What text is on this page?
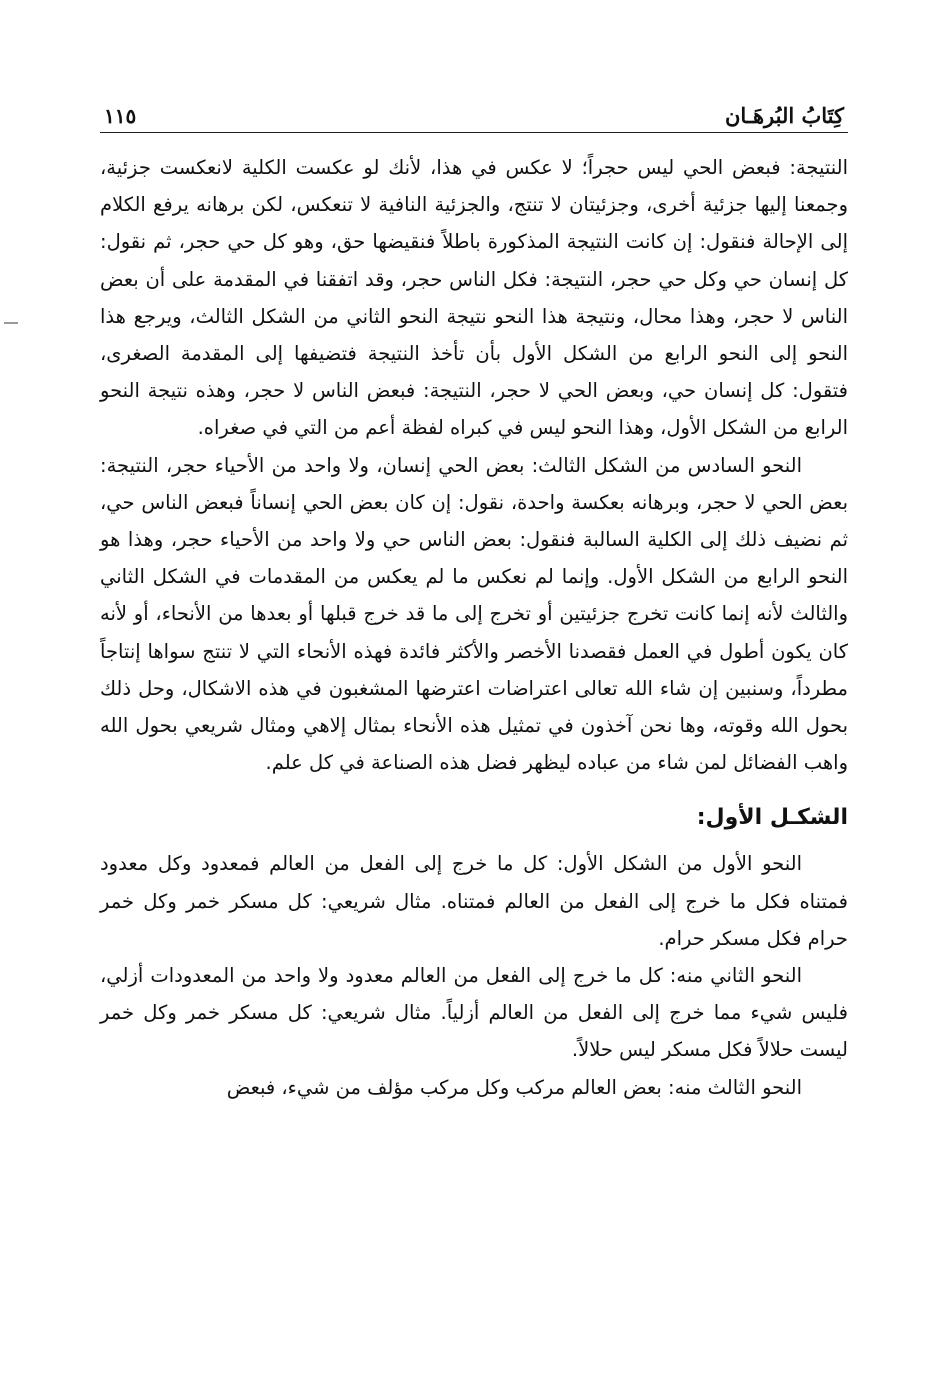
كِتَابُ البُرهَـان
١١٥

النتيجة: فبعض الحي ليس حجراً؛ لا عكس في هذا، لأنك لو عكست الكلية لانعكست جزئية، وجمعنا إليها جزئية أخرى، وجزئيتان لا تنتج، والجزئية النافية لا تنعكس، لكن برهانه يرفع الكلام إلى الإحالة فنقول: إن كانت النتيجة المذكورة باطلاً فنقيضها حق، وهو كل حي حجر، ثم نقول: كل إنسان حي وكل حي حجر، النتيجة: فكل الناس حجر، وقد اتفقنا في المقدمة على أن بعض الناس لا حجر، وهذا محال، ونتيجة هذا النحو نتيجة النحو الثاني من الشكل الثالث، ويرجع هذا النحو إلى النحو الرابع من الشكل الأول بأن تأخذ النتيجة فتضيفها إلى المقدمة الصغرى، فتقول: كل إنسان حي، وبعض الحي لا حجر، النتيجة: فبعض الناس لا حجر، وهذه نتيجة النحو الرابع من الشكل الأول، وهذا النحو ليس في كبراه لفظة أعم من التي في صغراه.

النحو السادس من الشكل الثالث: بعض الحي إنسان، ولا واحد من الأحياء حجر، النتيجة: بعض الحي لا حجر، وبرهانه بعكسة واحدة، نقول: إن كان بعض الحي إنساناً فبعض الناس حي، ثم نضيف ذلك إلى الكلية السالبة فنقول: بعض الناس حي ولا واحد من الأحياء حجر، وهذا هو النحو الرابع من الشكل الأول. وإنما لم نعكس ما لم يعكس من المقدمات في الشكل الثاني والثالث لأنه إنما كانت تخرج جزئيتين أو تخرج إلى ما قد خرج قبلها أو بعدها من الأنحاء، أو لأنه كان يكون أطول في العمل فقصدنا الأخصر والأكثر فائدة فهذه الأنحاء التي لا تنتج سواها إنتاجاً مطرداً، وسنبين إن شاء الله تعالى اعتراضات اعترضها المشغبون في هذه الاشكال، وحل ذلك بحول الله وقوته، وها نحن آخذون في تمثيل هذه الأنحاء بمثال إلاهي ومثال شريعي بحول الله واهب الفضائل لمن شاء من عباده ليظهر فضل هذه الصناعة في كل علم.

الشكـل الأول:

النحو الأول من الشكل الأول: كل ما خرج إلى الفعل من العالم فمعدود وكل معدود فمتناه فكل ما خرج إلى الفعل من العالم فمتناه. مثال شريعي: كل مسكر خمر وكل خمر حرام فكل مسكر حرام.

النحو الثاني منه: كل ما خرج إلى الفعل من العالم معدود ولا واحد من المعدودات أزلي، فليس شيء مما خرج إلى الفعل من العالم أزلياً. مثال شريعي: كل مسكر خمر وكل خمر ليست حلالاً فكل مسكر ليس حلالاً.

النحو الثالث منه: بعض العالم مركب وكل مركب مؤلف من شيء، فبعض
